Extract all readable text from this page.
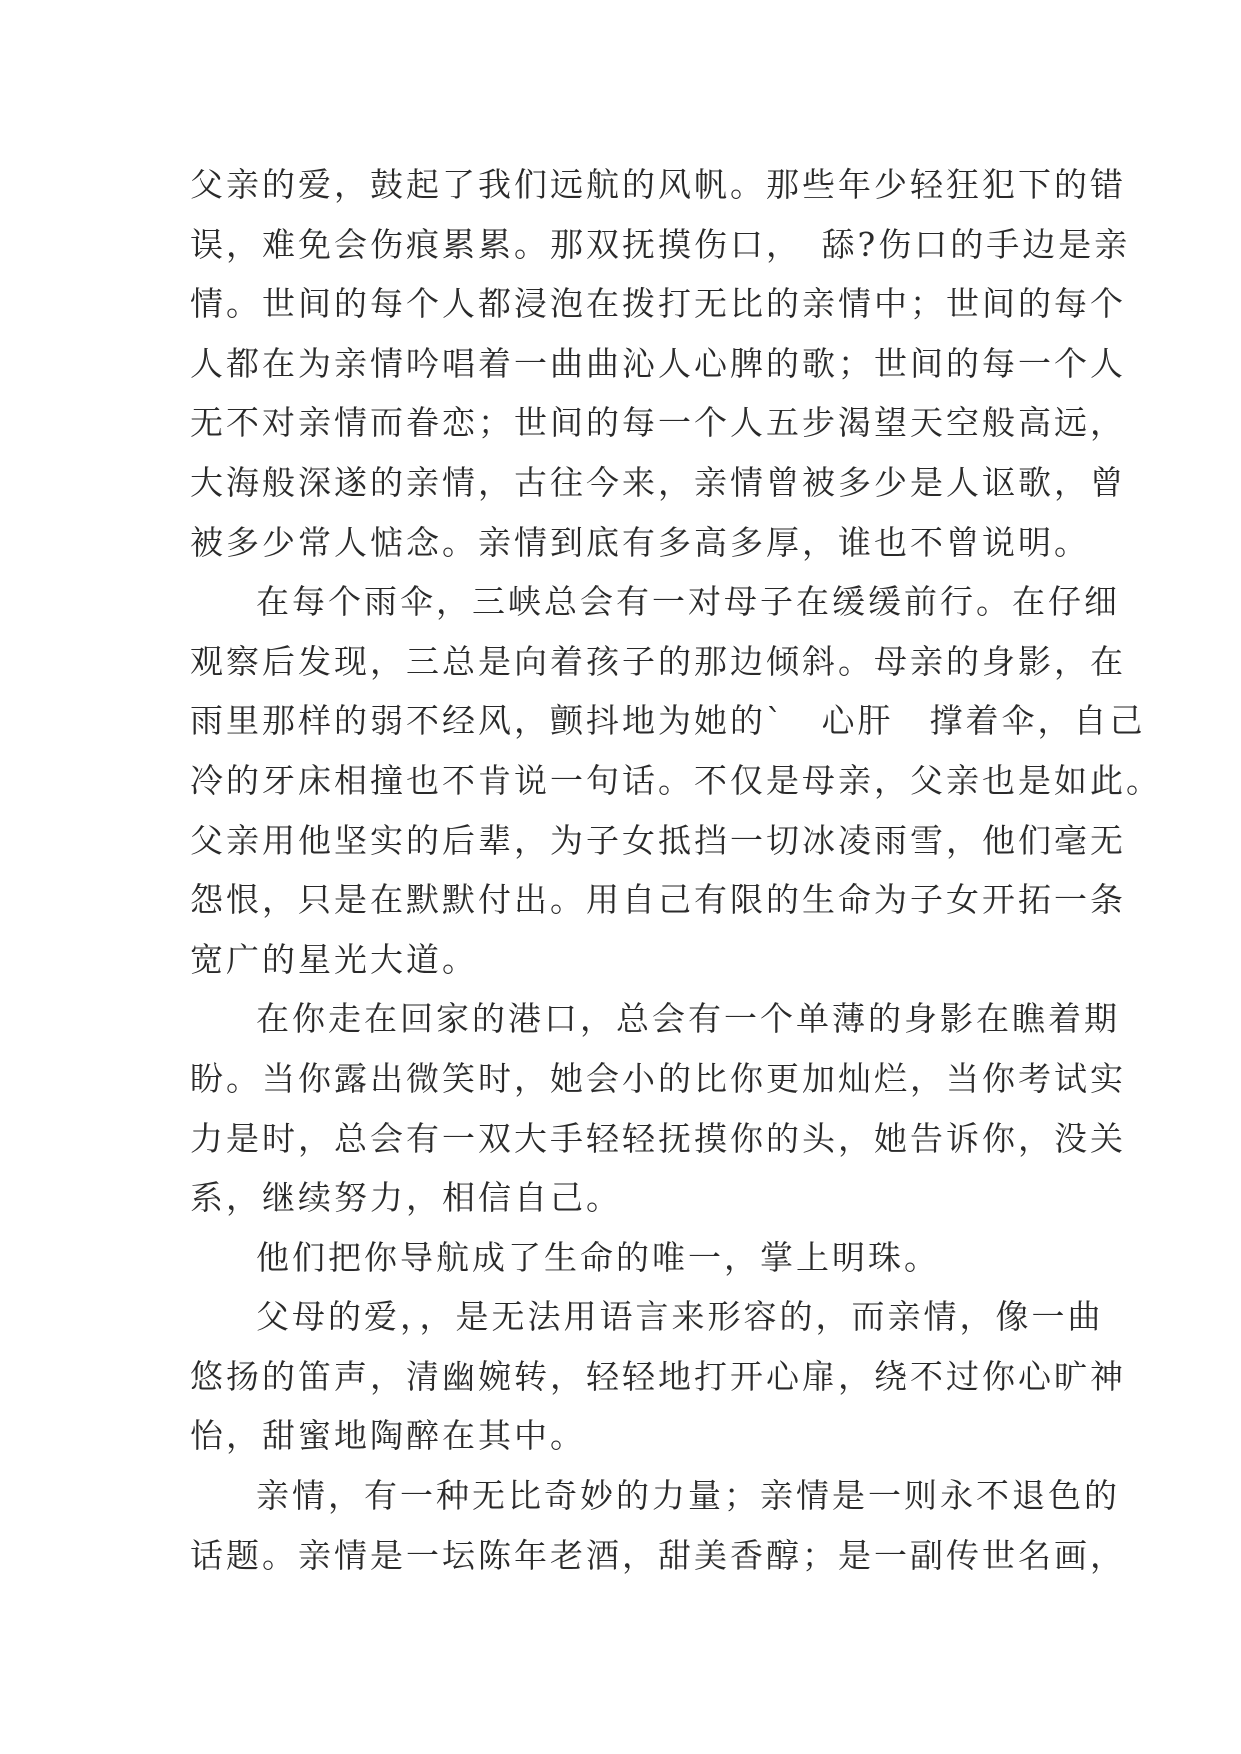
父亲的爱，鼓起了我们远航的风帆。那些年少轻狂犯下的错
误，难免会伤痕累累。那双抚摸伤口，　舔?伤口的手边是亲
情。世间的每个人都浸泡在拨打无比的亲情中；世间的每个
人都在为亲情吟唱着一曲曲沁人心脾的歌；世间的每一个人
无不对亲情而眷恋；世间的每一个人五步渴望天空般高远，
大海般深遂的亲情，古往今来，亲情曾被多少是人讴歌，曾
被多少常人惦念。亲情到底有多高多厚，谁也不曾说明。
在每个雨伞，三峡总会有一对母子在缓缓前行。在仔细
观察后发现，三总是向着孩子的那边倾斜。母亲的身影，在
雨里那样的弱不经风，颤抖地为她的`　心肝　撑着伞，自己
冷的牙床相撞也不肯说一句话。不仅是母亲，父亲也是如此。
父亲用他坚实的后辈，为子女抵挡一切冰凌雨雪，他们毫无
怨恨，只是在默默付出。用自己有限的生命为子女开拓一条
宽广的星光大道。
在你走在回家的港口，总会有一个单薄的身影在瞧着期
盼。当你露出微笑时，她会小的比你更加灿烂，当你考试实
力是时，总会有一双大手轻轻抚摸你的头，她告诉你，没关
系，继续努力，相信自己。
他们把你导航成了生命的唯一，掌上明珠。
父母的爱，，是无法用语言来形容的，而亲情，像一曲
悠扬的笛声，清幽婉转，轻轻地打开心扉，绕不过你心旷神
怡，甜蜜地陶醉在其中。
亲情，有一种无比奇妙的力量；亲情是一则永不退色的
话题。亲情是一坛陈年老酒，甜美香醇；是一副传世名画，
